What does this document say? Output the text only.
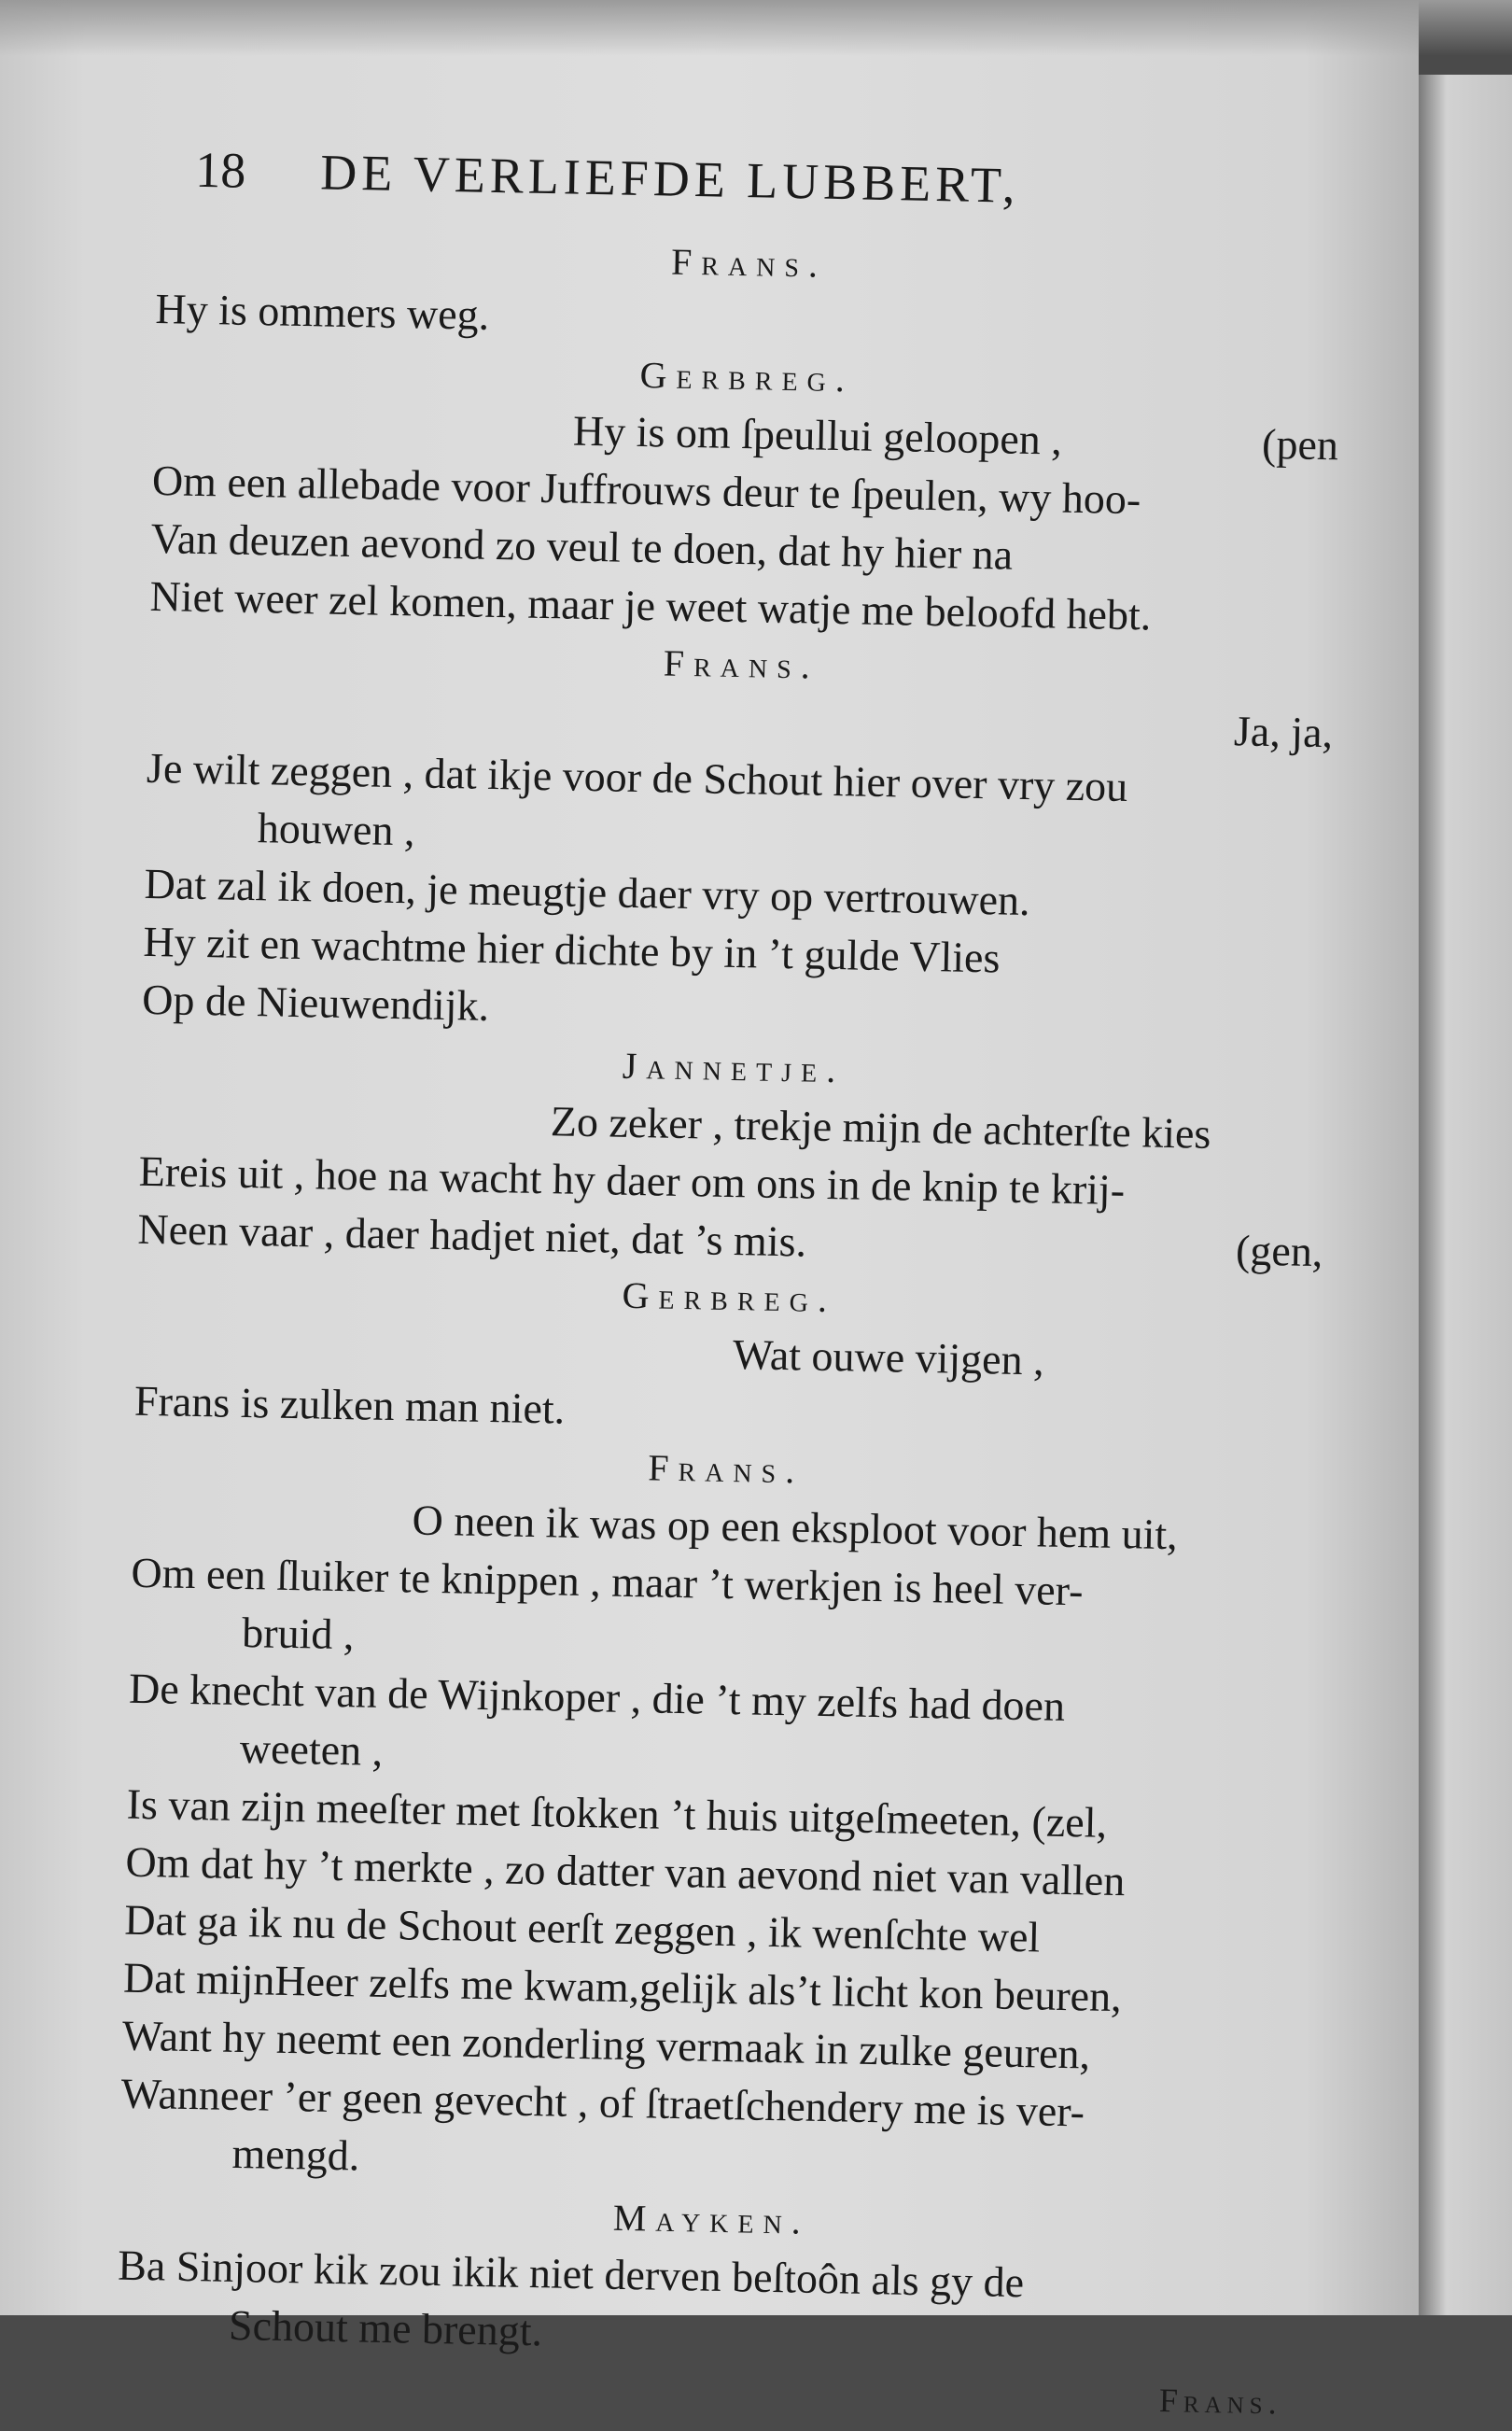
18 DE VERLIEFDE LUBBERT,
Frans.
Hy is ommers weg.
Gerbreg.
Hy is om ſpeullui geloopen ,	(pen
Om een allebade voor Juffrouws deur te ſpeulen, wy hoo-
Van deuzen aevond zo veul te doen, dat hy hier na
Niet weer zel komen, maar je weet watje me beloofd hebt.
Frans.
Ja, ja,
Je wilt zeggen , dat ikje voor de Schout hier over vry zou
houwen ,
Dat zal ik doen, je meugtje daer vry op vertrouwen.
Hy zit en wachtme hier dichte by in ’t gulde Vlies
Op de Nieuwendijk.
Jannetje.
Zo zeker , trekje mijn de achterſte kies
Ereis uit , hoe na wacht hy daer om ons in de knip te krij-
Neen vaar , daer hadjet niet, dat ’s mis.	(gen,
Gerbreg.
Wat ouwe vijgen ,
Frans is zulken man niet.
Frans.
O neen ik was op een eksploot voor hem uit,
Om een ſluiker te knippen , maar ’t werkjen is heel ver-
bruid ,
De knecht van de Wijnkoper , die ’t my zelfs had doen
weeten ,
Is van zijn meeſter met ſtokken ’t huis uitgeſmeeten, (zel,
Om dat hy ’t merkte , zo datter van aevond niet van vallen
Dat ga ik nu de Schout eerſt zeggen , ik wenſchte wel
Dat mijnHeer zelfs me kwam,gelijk als’t licht kon beuren,
Want hy neemt een zonderling vermaak in zulke geuren,
Wanneer ’er geen gevecht , of ſtraetſchendery me is ver-
mengd.
Mayken.
Ba Sinjoor kik zou ikik niet derven beſtoôn als gy de
Schout me brengt.
Frans.
